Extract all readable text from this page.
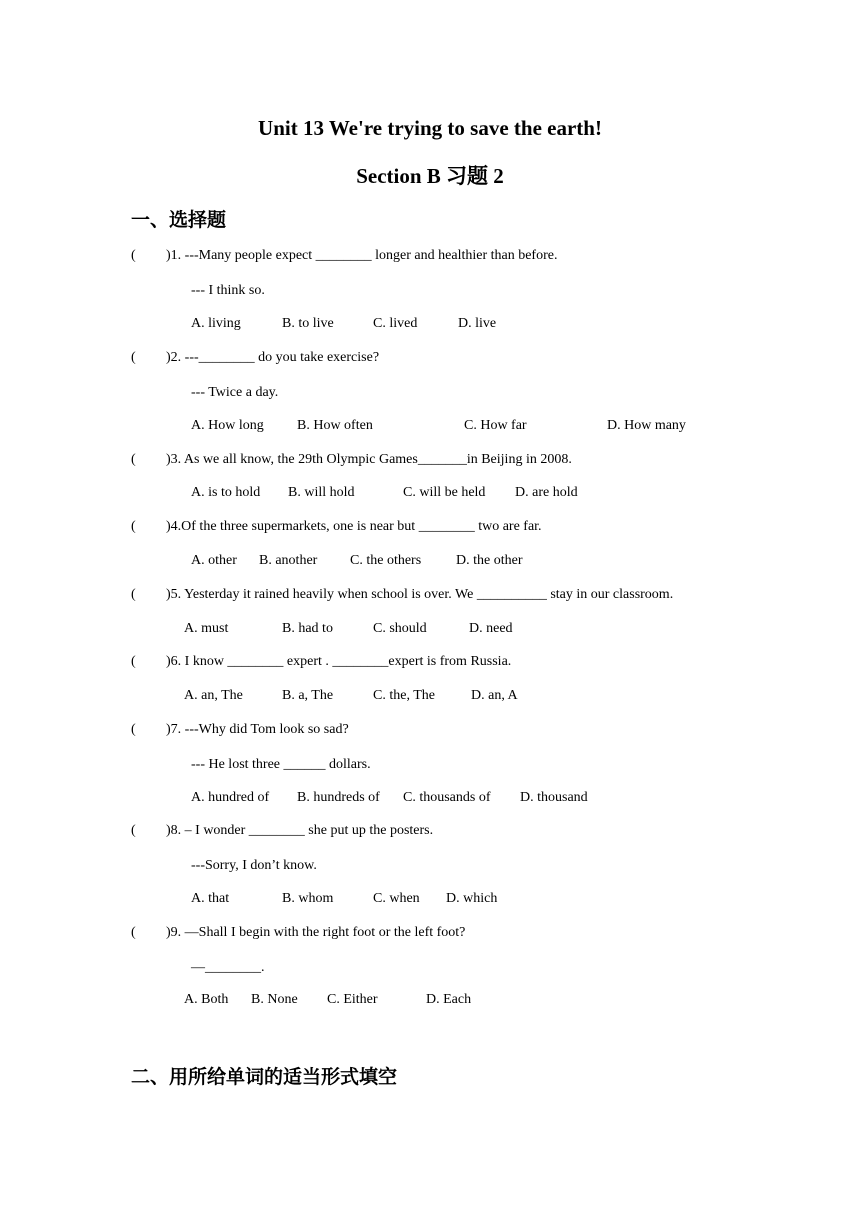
Unit 13 We're trying to save the earth!
Section B 习题 2
一、选择题
( )1. ---Many people expect ________ longer and healthier than before.
--- I think so.
A. living	B. to live	C. lived	D. live
( )2. ---________ do you take exercise?
--- Twice a day.
A. How long B. How often	C. How far	D. How many
( )3. As we all know, the 29th Olympic Games_______in Beijing in 2008.
A. is to hold B. will hold	C. will be held D. are hold
( )4.Of the three supermarkets, one is near but ________ two are far.
A. other B. another C. the others D. the other
( )5. Yesterday it rained heavily when school is over. We __________ stay in our classroom.
A. must	B. had to	C. should	D. need
( )6. I know ________ expert . ________expert is from Russia.
A. an, The	B. a, The	C. the, The	D. an, A
( )7. ---Why did Tom look so sad?
--- He lost three ______ dollars.
A. hundred of B. hundreds of C. thousands of D. thousand
( )8. – I wonder ________ she put up the posters.
---Sorry, I don’t know.
A. that	B. whom	C. when D. which
( )9. —Shall I begin with the right foot or the left foot?
—________.
A. Both B. None C. Either	D. Each
二、用所给单词的适当形式填空
